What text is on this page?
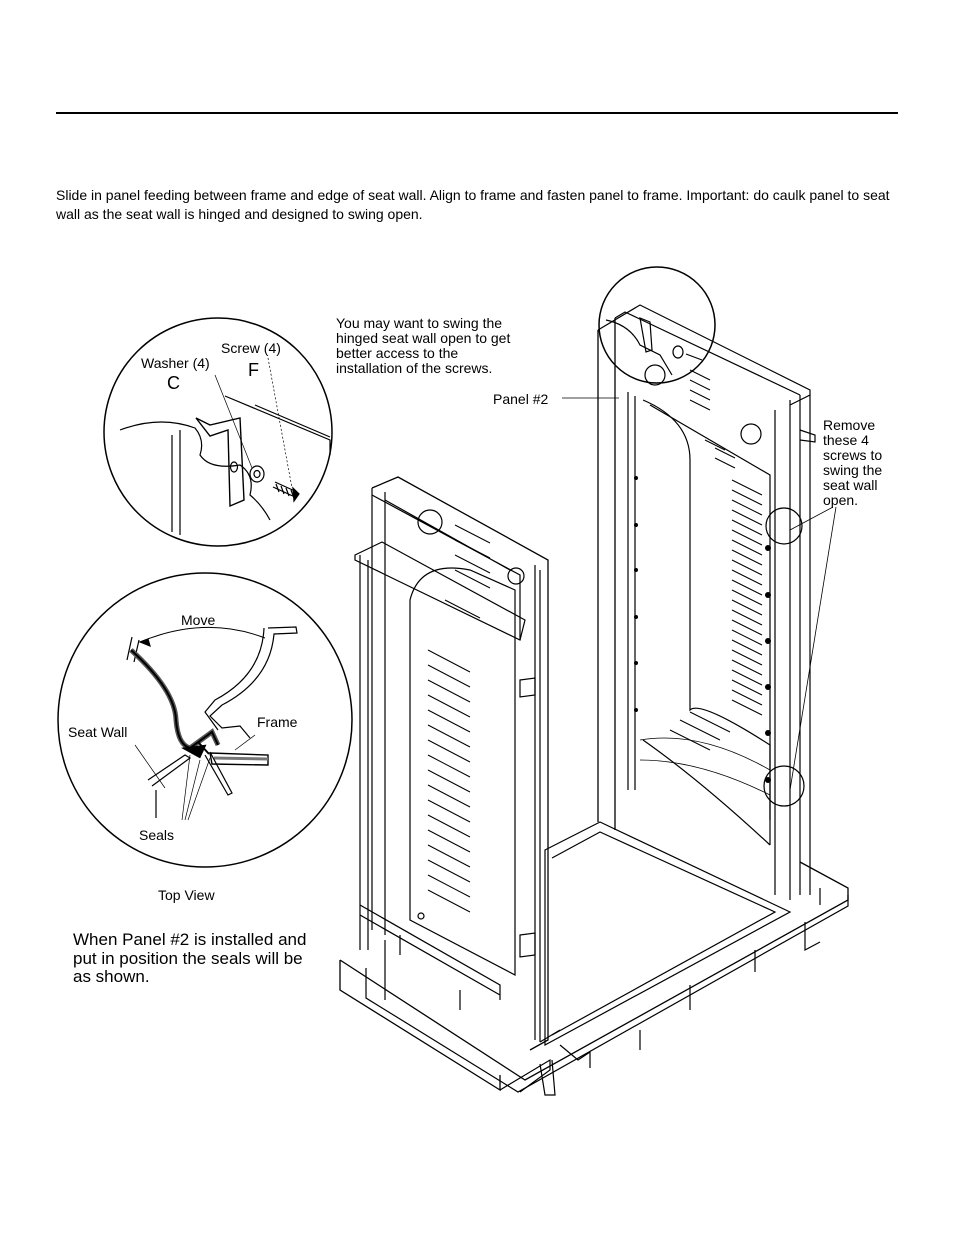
Slide in panel feeding between frame and edge of seat wall. Align to frame and fasten panel to frame. Important: do caulk panel to seat wall as the seat wall is hinged and designed to swing open.

C
F
Washer (4)
Screw (4)
You may want to swing the hinged seat wall open to get better access to the installation of the screws.
Panel #2
Remove these 4 screws to swing the seat wall open.
Move
Seat Wall
Frame
Seals
Top View
When Panel #2 is installed and put in position the seals will be as shown.
